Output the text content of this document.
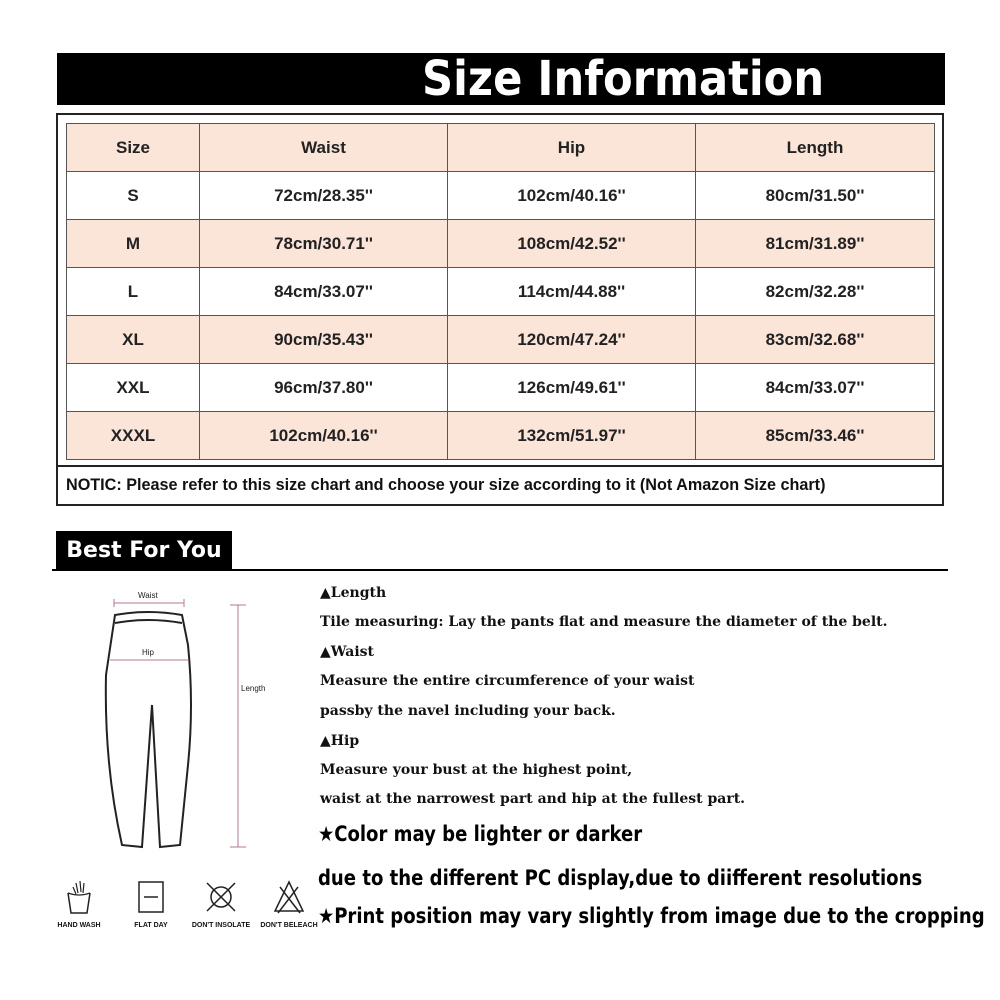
Size Information
Size	Waist	Hip	Length
S	72cm/28.35''	102cm/40.16''	80cm/31.50''
M	78cm/30.71''	108cm/42.52''	81cm/31.89''
L	84cm/33.07''	114cm/44.88''	82cm/32.28''
XL	90cm/35.43''	120cm/47.24''	83cm/32.68''
XXL	96cm/37.80''	126cm/49.61''	84cm/33.07''
XXXL	102cm/40.16''	132cm/51.97''	85cm/33.46''
NOTIC: Please refer to this size chart and choose your size according to it (Not Amazon Size chart)
Best For You
Waist
Hip
Length
HAND WASH	FLAT DAY	DON'T INSOLATE	DON'T BELEACH
▲Length
Tile measuring: Lay the pants flat and measure the diameter of the belt.
▲Waist
Measure the entire circumference of your waist
passby the navel including your back.
▲Hip
Measure your bust at the highest point,
waist at the narrowest part and hip at the fullest part.
★Color may be lighter or darker
due to the different PC display,due to diifferent resolutions
★Print position may vary slightly from image due to the cropping
